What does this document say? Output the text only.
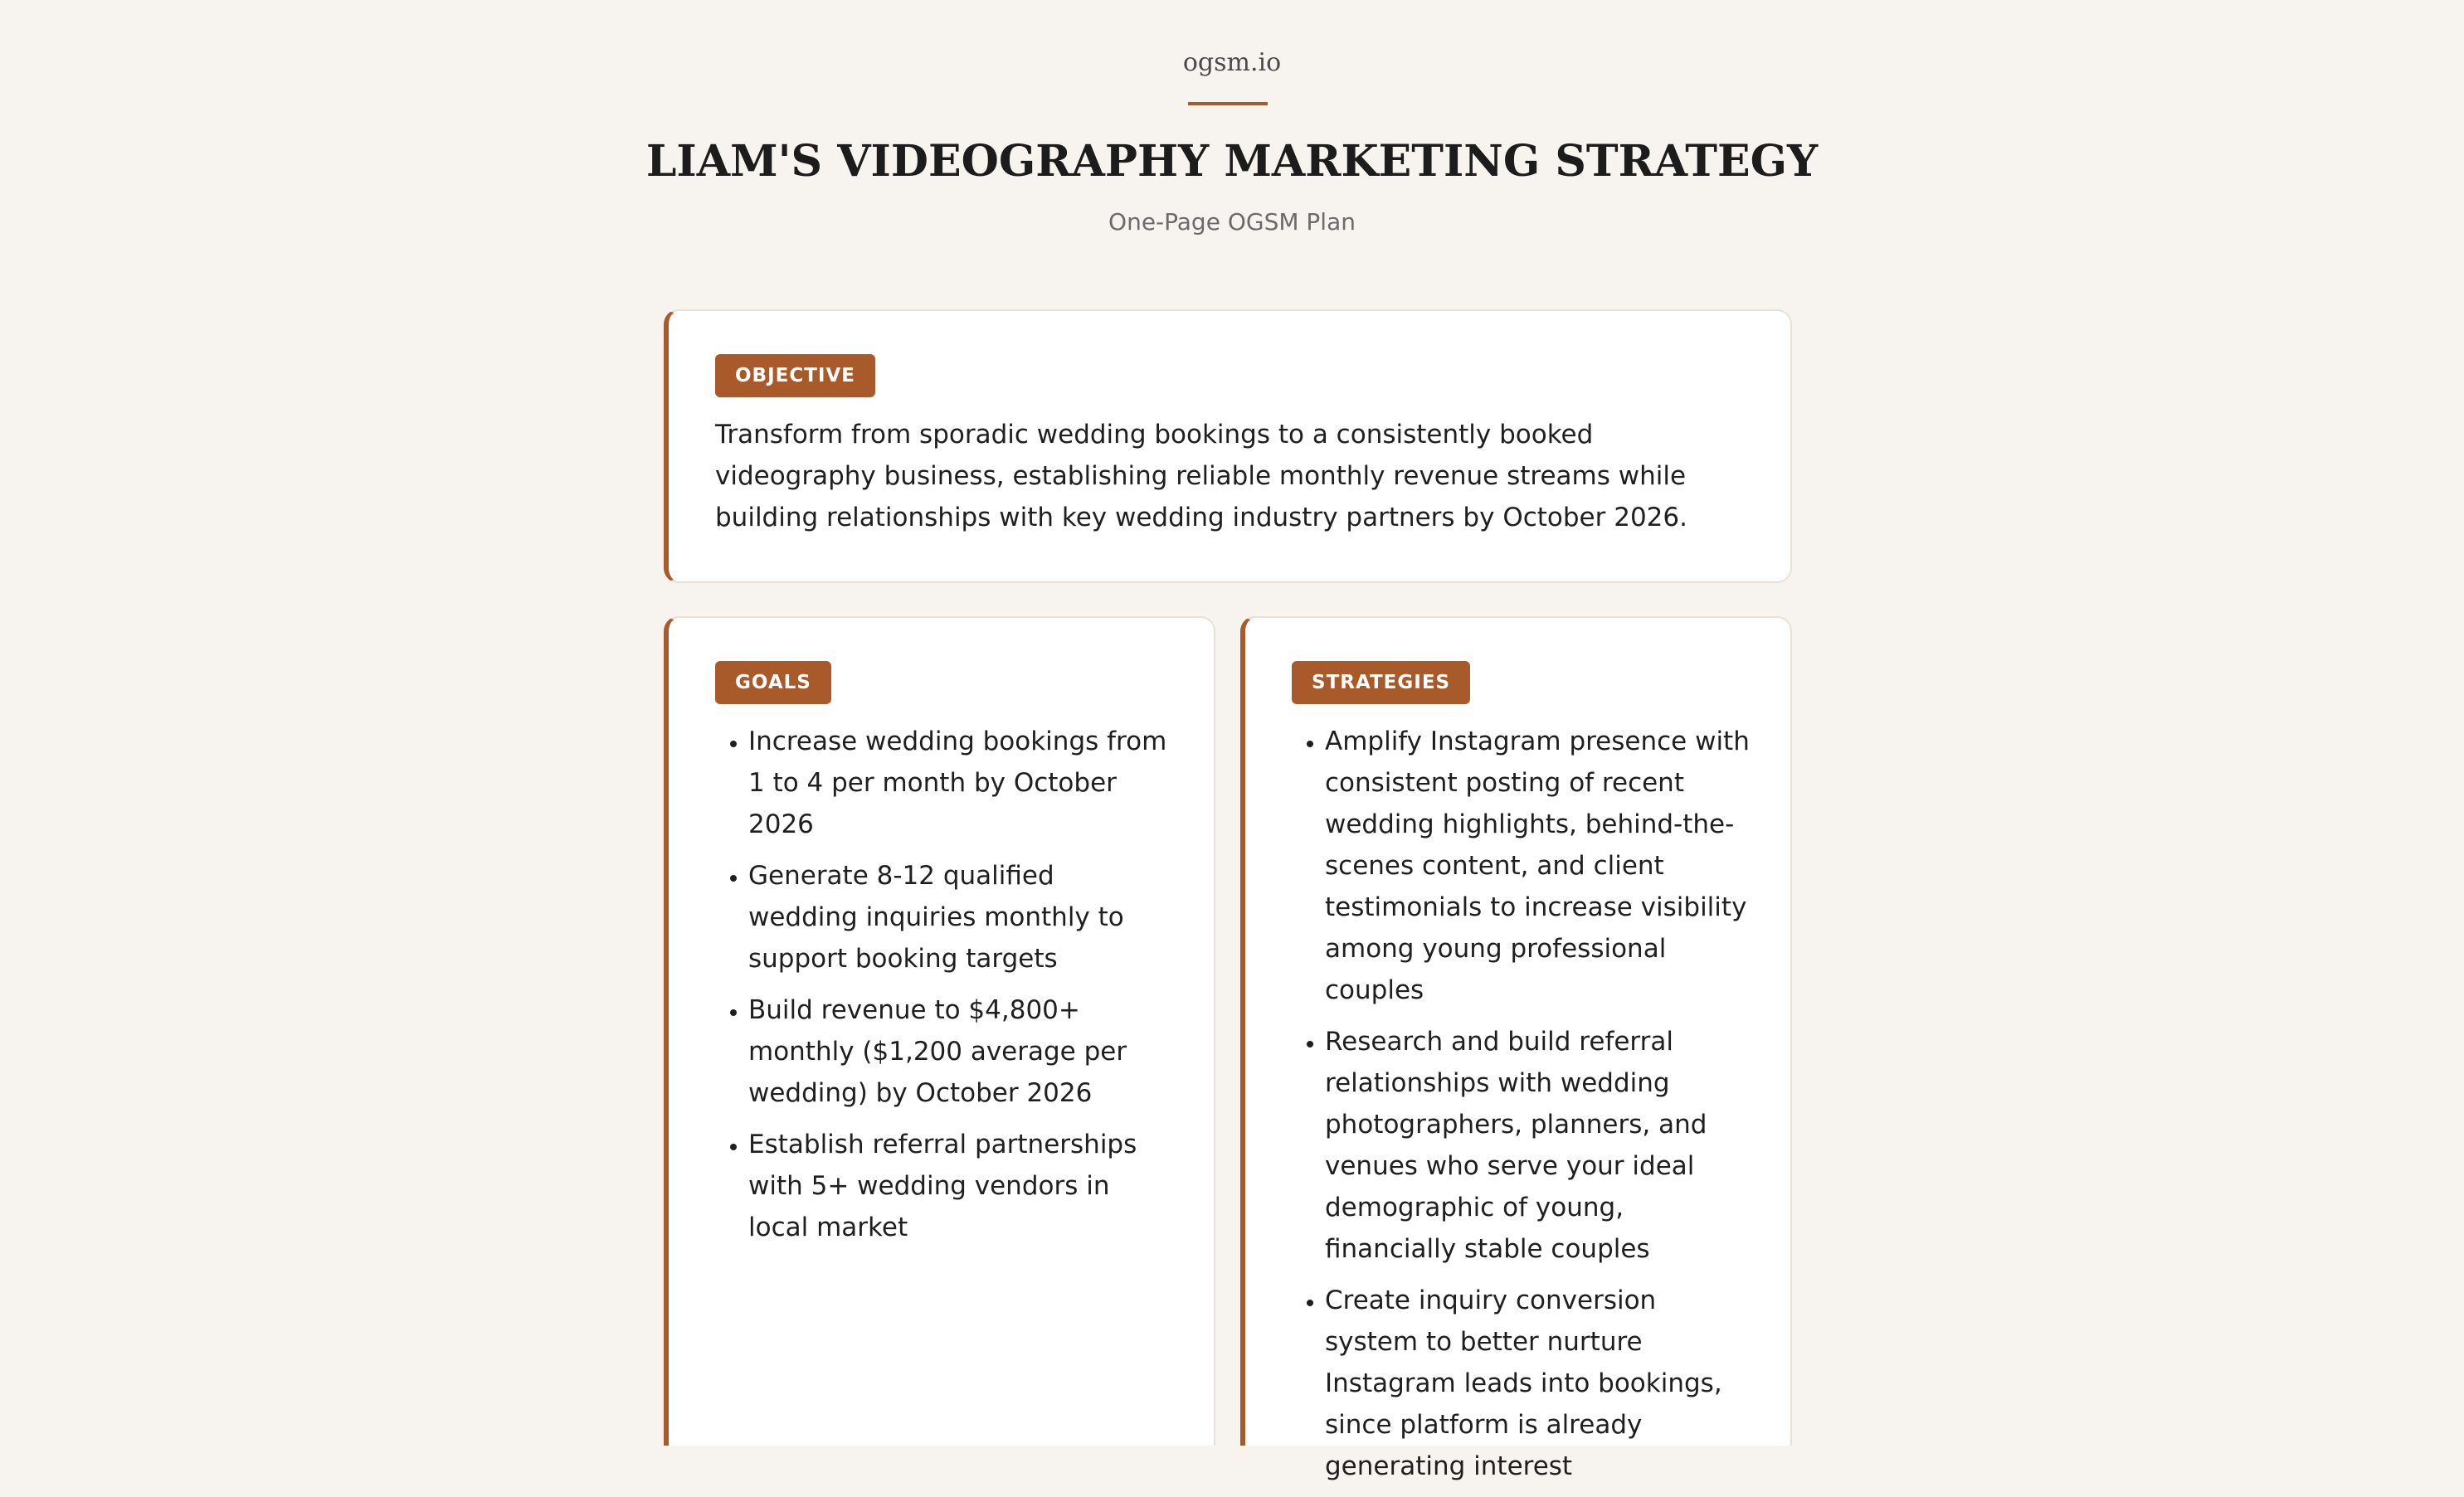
ogsm.io
LIAM'S VIDEOGRAPHY MARKETING STRATEGY
One-Page OGSM Plan
OBJECTIVE

Transform from sporadic wedding bookings to a consistently booked videography business, establishing reliable monthly revenue streams while building relationships with key wedding industry partners by October 2026.

GOALS
• Increase wedding bookings from 1 to 4 per month by October 2026
• Generate 8-12 qualified wedding inquiries monthly to support booking targets
• Build revenue to $4,800+ monthly ($1,200 average per wedding) by October 2026
• Establish referral partnerships with 5+ wedding vendors in local market
STRATEGIES
• Amplify Instagram presence with consistent posting of recent wedding highlights, behind-the-scenes content, and client testimonials to increase visibility among young professional couples
• Research and build referral relationships with wedding photographers, planners, and venues who serve your ideal demographic of young, financially stable couples
• Create inquiry conversion system to better nurture Instagram leads into bookings, since platform is already generating interest
